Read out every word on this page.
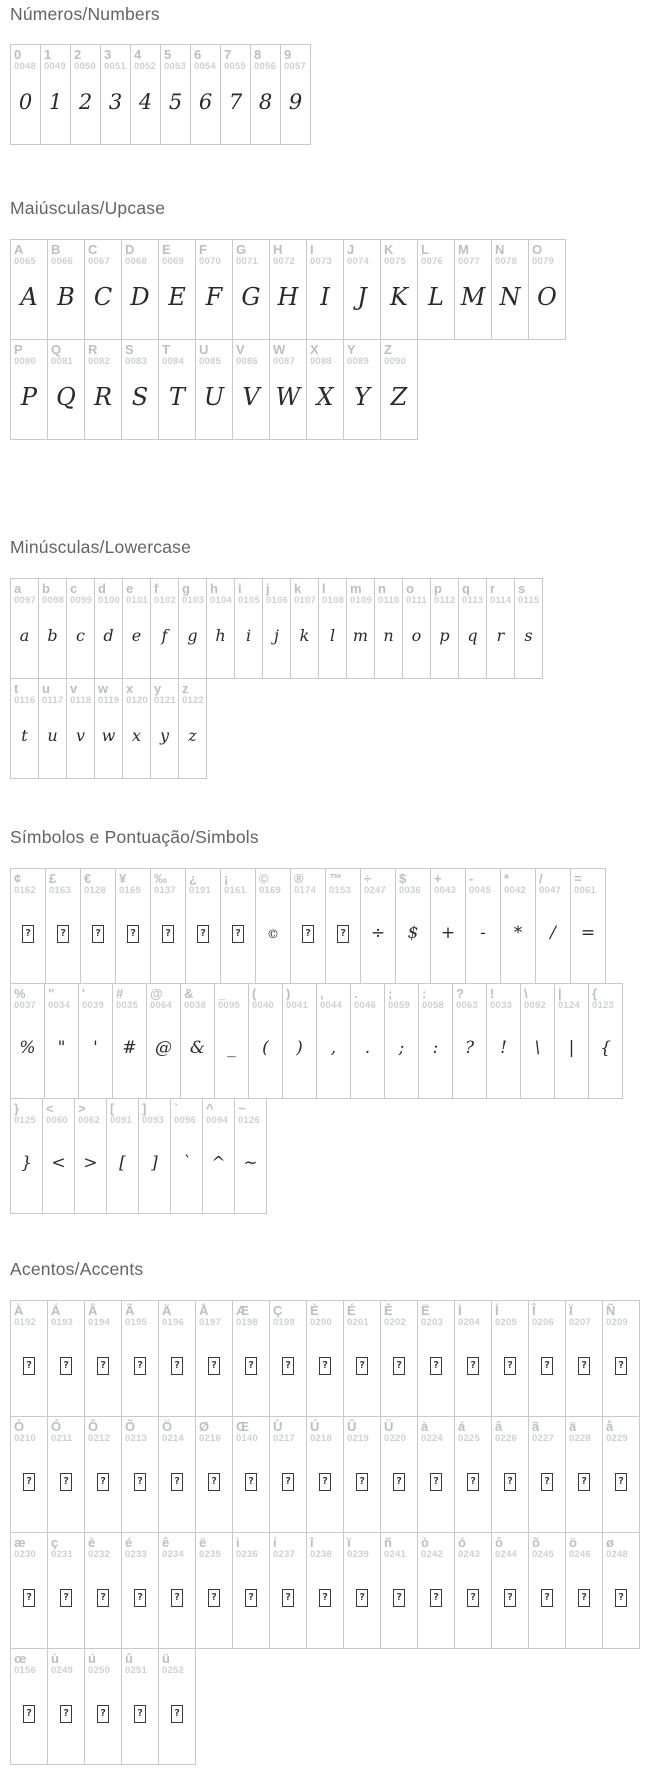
Números/Numbers
0
0048
0
1
0049
1
2
0050
2
3
0051
3
4
0052
4
5
0053
5
6
0054
6
7
0055
7
8
0056
8
9
0057
9
Maiúsculas/Upcase
A
0065
A
B
0066
B
C
0067
C
D
0068
D
E
0069
E
F
0070
F
G
0071
G
H
0072
H
I
0073
I
J
0074
J
K
0075
K
L
0076
L
M
0077
M
N
0078
N
O
0079
O
P
0080
P
Q
0081
Q
R
0082
R
S
0083
S
T
0084
T
U
0085
U
V
0086
V
W
0087
W
X
0088
X
Y
0089
Y
Z
0090
Z
Minúsculas/Lowercase
a
0097
a
b
0098
b
c
0099
c
d
0100
d
e
0101
e
f
0102
f
g
0103
g
h
0104
h
i
0105
i
j
0106
j
k
0107
k
l
0108
l
m
0109
m
n
0110
n
o
0111
o
p
0112
p
q
0113
q
r
0114
r
s
0115
s
t
0116
t
u
0117
u
v
0118
v
w
0119
w
x
0120
x
y
0121
y
z
0122
z
Símbolos e Pontuação/Simbols
¢
0162
?
£
0163
?
€
0128
?
¥
0165
?
‰
0137
?
¿
0191
?
¡
0161
?
©
0169
©
®
0174
?
™
0153
?
÷
0247
÷
$
0036
$
+
0043
+
-
0045
-
*
0042
*
/
0047
/
=
0061
=
%
0037
%
"
0034
"
'
0039
'
#
0035
#
@
0064
@
&
0038
&
_
0095
_
(
0040
(
)
0041
)
,
0044
,
.
0046
.
;
0059
;
:
0058
:
?
0063
?
!
0033
!
\
0092
\
|
0124
|
{
0123
{
}
0125
}
<
0060
<
>
0062
>
[
0091
[
]
0093
]
`
0096
`
^
0094
^
~
0126
~
Acentos/Accents
À
0192
?
Á
0193
?
Â
0194
?
Ã
0195
?
Ä
0196
?
Å
0197
?
Æ
0198
?
Ç
0199
?
È
0200
?
É
0201
?
Ê
0202
?
Ë
0203
?
Ì
0204
?
Í
0205
?
Î
0206
?
Ï
0207
?
Ñ
0209
?
Ò
0210
?
Ó
0211
?
Ô
0212
?
Õ
0213
?
Ö
0214
?
Ø
0216
?
Œ
0140
?
Ù
0217
?
Ú
0218
?
Û
0219
?
Ü
0220
?
à
0224
?
á
0225
?
â
0226
?
ã
0227
?
ä
0228
?
å
0229
?
æ
0230
?
ç
0231
?
è
0232
?
é
0233
?
ê
0234
?
ë
0235
?
ì
0236
?
í
0237
?
î
0238
?
ï
0239
?
ñ
0241
?
ò
0242
?
ó
0243
?
ô
0244
?
õ
0245
?
ö
0246
?
ø
0248
?
œ
0156
?
ù
0249
?
ú
0250
?
û
0251
?
ü
0252
?
